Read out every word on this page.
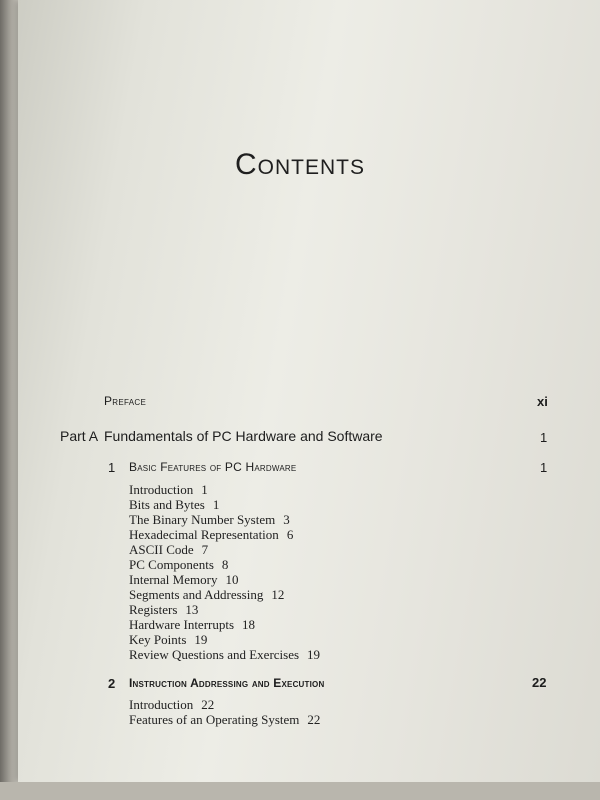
Contents
Preface	xi
Part A Fundamentals of PC Hardware and Software	1
1 Basic Features of PC Hardware	1
Introduction 1
Bits and Bytes 1
The Binary Number System 3
Hexadecimal Representation 6
ASCII Code 7
PC Components 8
Internal Memory 10
Segments and Addressing 12
Registers 13
Hardware Interrupts 18
Key Points 19
Review Questions and Exercises 19
2 Instruction Addressing and Execution	22
Introduction 22
Features of an Operating System 22
